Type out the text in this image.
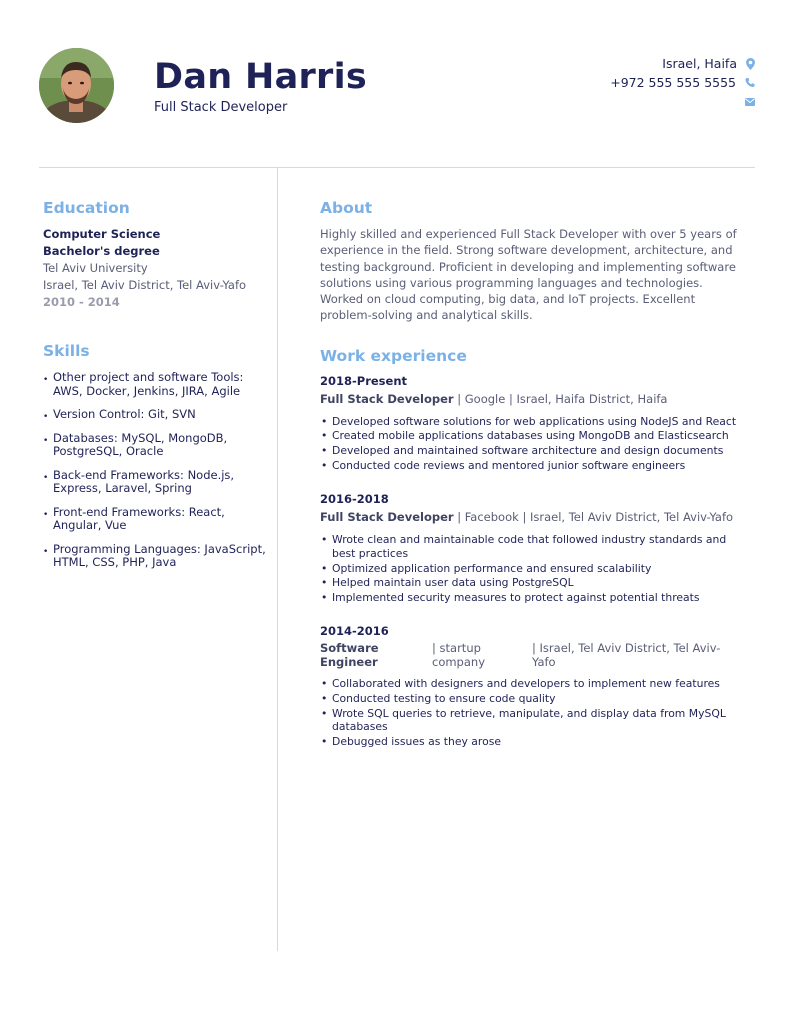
Dan Harris
Full Stack Developer
Israel, Haifa
+972 555 555 5555
Education
Computer Science
Bachelor's degree
Tel Aviv University
Israel, Tel Aviv District, Tel Aviv-Yafo
2010 - 2014
Skills
• Other project and software Tools: AWS, Docker, Jenkins, JIRA, Agile
• Version Control: Git, SVN
• Databases: MySQL, MongoDB, PostgreSQL, Oracle
• Back-end Frameworks: Node.js, Express, Laravel, Spring
• Front-end Frameworks: React, Angular, Vue
• Programming Languages: JavaScript, HTML, CSS, PHP, Java
About

Highly skilled and experienced Full Stack Developer with over 5 years of experience in the field. Strong software development, architecture, and testing background. Proficient in developing and implementing software solutions using various programming languages and technologies. Worked on cloud computing, big data, and IoT projects. Excellent problem-solving and analytical skills.

Work experience
2018-Present
Full Stack Developer | Google | Israel, Haifa District, Haifa
• Developed software solutions for web applications using NodeJS and React
• Created mobile applications databases using MongoDB and Elasticsearch
• Developed and maintained software architecture and design documents
• Conducted code reviews and mentored junior software engineers
2016-2018
Full Stack Developer | Facebook | Israel, Tel Aviv District, Tel Aviv-Yafo
• Wrote clean and maintainable code that followed industry standards and best practices
• Optimized application performance and ensured scalability
• Helped maintain user data using PostgreSQL
• Implemented security measures to protect against potential threats
2014-2016
Software Engineer
| startup company
| Israel, Tel Aviv District, Tel Aviv-Yafo
• Collaborated with designers and developers to implement new features
• Conducted testing to ensure code quality
• Wrote SQL queries to retrieve, manipulate, and display data from MySQL databases
• Debugged issues as they arose
